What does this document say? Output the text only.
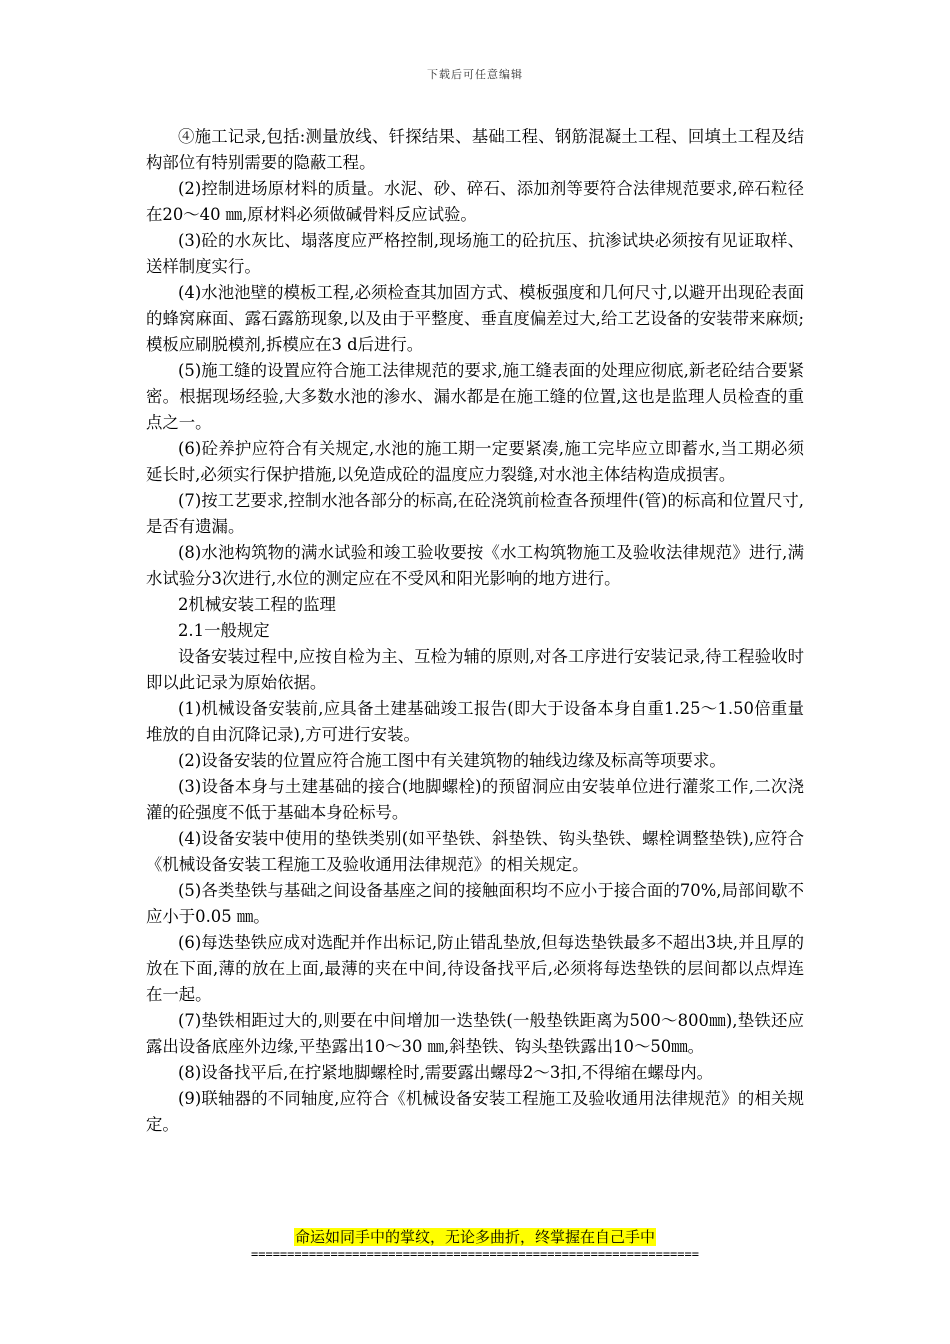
下载后可任意编辑

④施工记录,包括:测量放线、钎探结果、基础工程、钢筋混凝土工程、回填土工程及结构部位有特别需要的隐蔽工程。

(2)控制进场原材料的质量。水泥、砂、碎石、添加剂等要符合法律规范要求,碎石粒径在20～40 ㎜,原材料必须做碱骨料反应试验。

(3)砼的水灰比、塌落度应严格控制,现场施工的砼抗压、抗渗试块必须按有见证取样、送样制度实行。

(4)水池池壁的模板工程,必须检查其加固方式、模板强度和几何尺寸,以避开出现砼表面的蜂窝麻面、露石露筋现象,以及由于平整度、垂直度偏差过大,给工艺设备的安装带来麻烦;模板应刷脱模剂,拆模应在3 d后进行。

(5)施工缝的设置应符合施工法律规范的要求,施工缝表面的处理应彻底,新老砼结合要紧密。根据现场经验,大多数水池的渗水、漏水都是在施工缝的位置,这也是监理人员检查的重点之一。

(6)砼养护应符合有关规定,水池的施工期一定要紧凑,施工完毕应立即蓄水,当工期必须延长时,必须实行保护措施,以免造成砼的温度应力裂缝,对水池主体结构造成损害。

(7)按工艺要求,控制水池各部分的标高,在砼浇筑前检查各预埋件(管)的标高和位置尺寸,是否有遗漏。

(8)水池构筑物的满水试验和竣工验收要按《水工构筑物施工及验收法律规范》进行,满水试验分3次进行,水位的测定应在不受风和阳光影响的地方进行。

2机械安装工程的监理

2.1一般规定

设备安装过程中,应按自检为主、互检为辅的原则,对各工序进行安装记录,待工程验收时即以此记录为原始依据。

(1)机械设备安装前,应具备土建基础竣工报告(即大于设备本身自重1.25～1.50倍重量堆放的自由沉降记录),方可进行安装。

(2)设备安装的位置应符合施工图中有关建筑物的轴线边缘及标高等项要求。

(3)设备本身与土建基础的接合(地脚螺栓)的预留洞应由安装单位进行灌浆工作,二次浇灌的砼强度不低于基础本身砼标号。

(4)设备安装中使用的垫铁类别(如平垫铁、斜垫铁、钩头垫铁、螺栓调整垫铁),应符合《机械设备安装工程施工及验收通用法律规范》的相关规定。

(5)各类垫铁与基础之间设备基座之间的接触面积均不应小于接合面的70%,局部间歇不应小于0.05 ㎜。

(6)每迭垫铁应成对选配并作出标记,防止错乱垫放,但每迭垫铁最多不超出3块,并且厚的放在下面,薄的放在上面,最薄的夹在中间,待设备找平后,必须将每迭垫铁的层间都以点焊连在一起。

(7)垫铁相距过大的,则要在中间增加一迭垫铁(一般垫铁距离为500～800㎜),垫铁还应露出设备底座外边缘,平垫露出10～30 ㎜,斜垫铁、钩头垫铁露出10～50㎜。

(8)设备找平后,在拧紧地脚螺栓时,需要露出螺母2～3扣,不得缩在螺母内。

(9)联轴器的不同轴度,应符合《机械设备安装工程施工及验收通用法律规范》的相关规定。

命运如同手中的掌纹，无论多曲折，终掌握在自己手中
==============================================================
